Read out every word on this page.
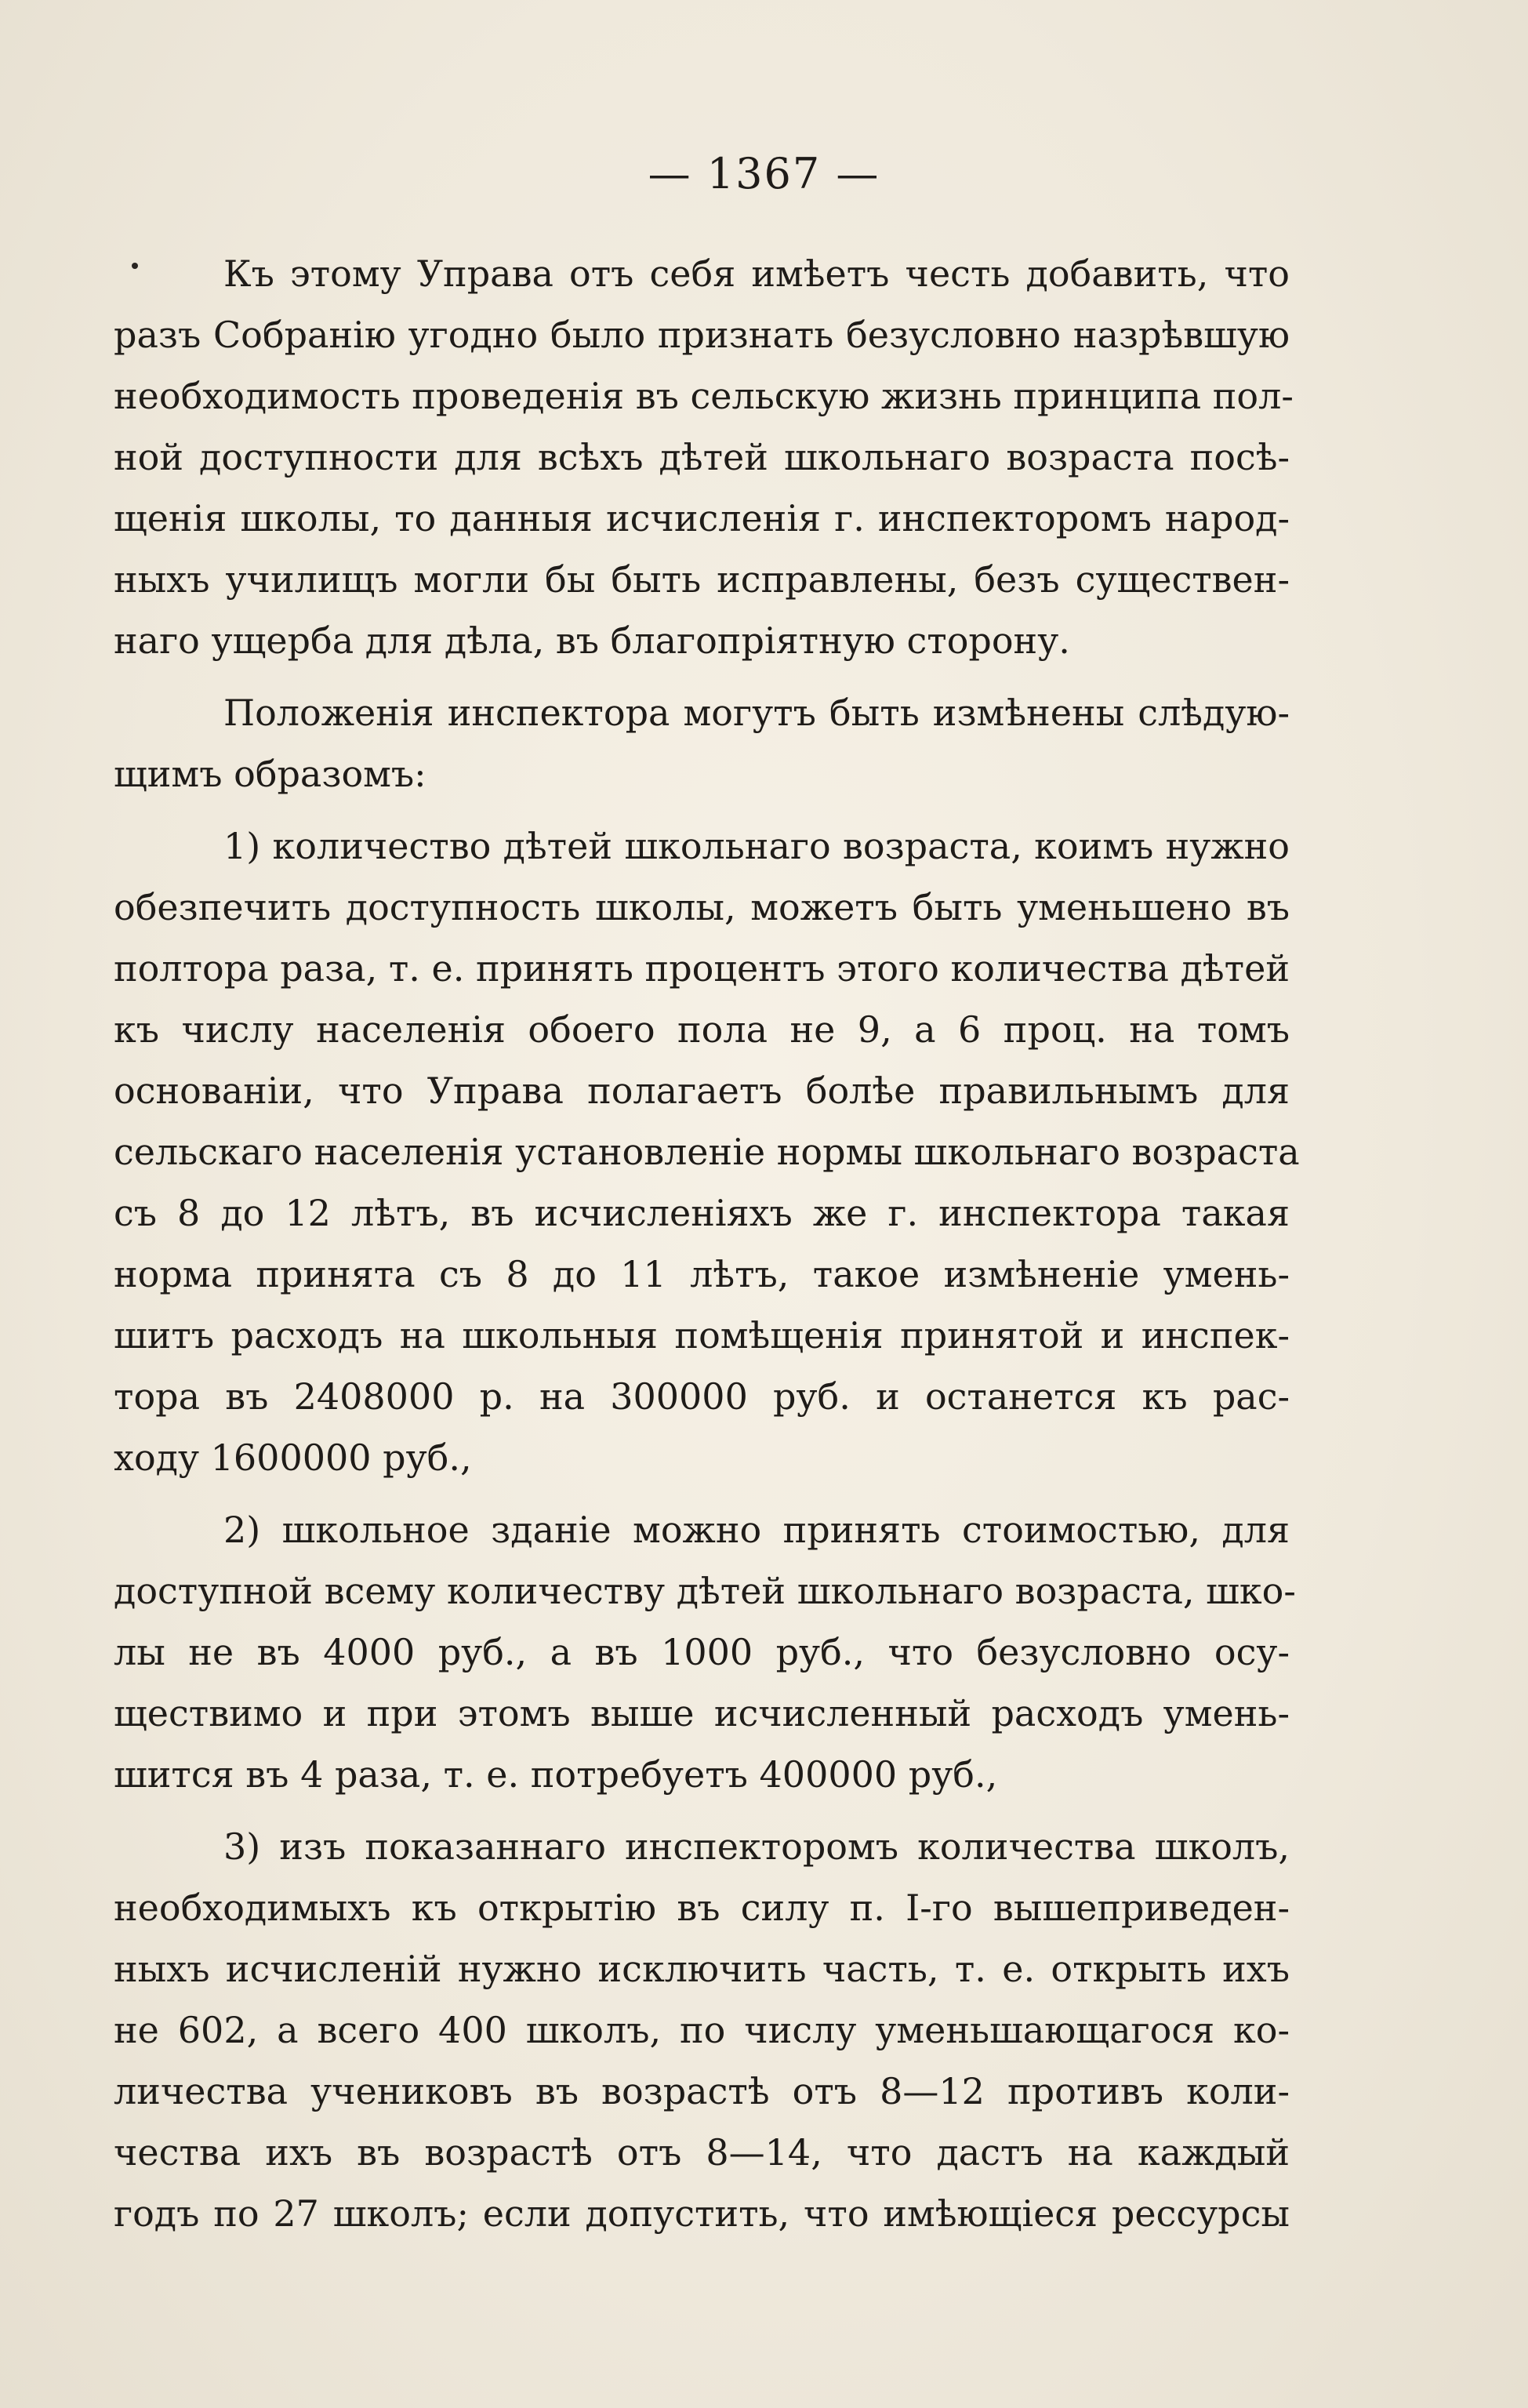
— 1367 —
Къ этому Управа отъ себя имѣетъ честь добавить, что
разъ Собранію угодно было признать безусловно назрѣвшую
необходимость проведенія въ сельскую жизнь принципа пол-
ной доступности для всѣхъ дѣтей школьнаго возраста посѣ-
щенія школы, то данныя исчисленія г. инспекторомъ народ-
ныхъ училищъ могли бы быть исправлены, безъ существен-
наго ущерба для дѣла, въ благопріятную сторону.
Положенія инспектора могутъ быть измѣнены слѣдую-
щимъ образомъ:
1) количество дѣтей школьнаго возраста, коимъ нужно
обезпечить доступность школы, можетъ быть уменьшено въ
полтора раза, т. е. принять процентъ этого количества дѣтей
къ числу населенія обоего пола не 9, а 6 проц. на томъ
основаніи, что Управа полагаетъ болѣе правильнымъ для
сельскаго населенія установленіе нормы школьнаго возраста
съ 8 до 12 лѣтъ, въ исчисленіяхъ же г. инспектора такая
норма принята съ 8 до 11 лѣтъ, такое измѣненіе умень-
шитъ расходъ на школьныя помѣщенія принятой и инспек-
тора въ 2408000 р. на 300000 руб. и останется къ рас-
ходу 1600000 руб.,
2) школьное зданіе можно принять стоимостью, для
доступной всему количеству дѣтей школьнаго возраста, шко-
лы не въ 4000 руб., а въ 1000 руб., что безусловно осу-
ществимо и при этомъ выше исчисленный расходъ умень-
шится въ 4 раза, т. е. потребуетъ 400000 руб.,
3) изъ показаннаго инспекторомъ количества школъ,
необходимыхъ къ открытію въ силу п. I-го вышеприведен-
ныхъ исчисленій нужно исключить часть, т. е. открыть ихъ
не 602, а всего 400 школъ, по числу уменьшающагося ко-
личества учениковъ въ возрастѣ отъ 8—12 противъ коли-
чества ихъ въ возрастѣ отъ 8—14, что дастъ на каждый
годъ по 27 школъ; если допустить, что имѣющіеся рессурсы
